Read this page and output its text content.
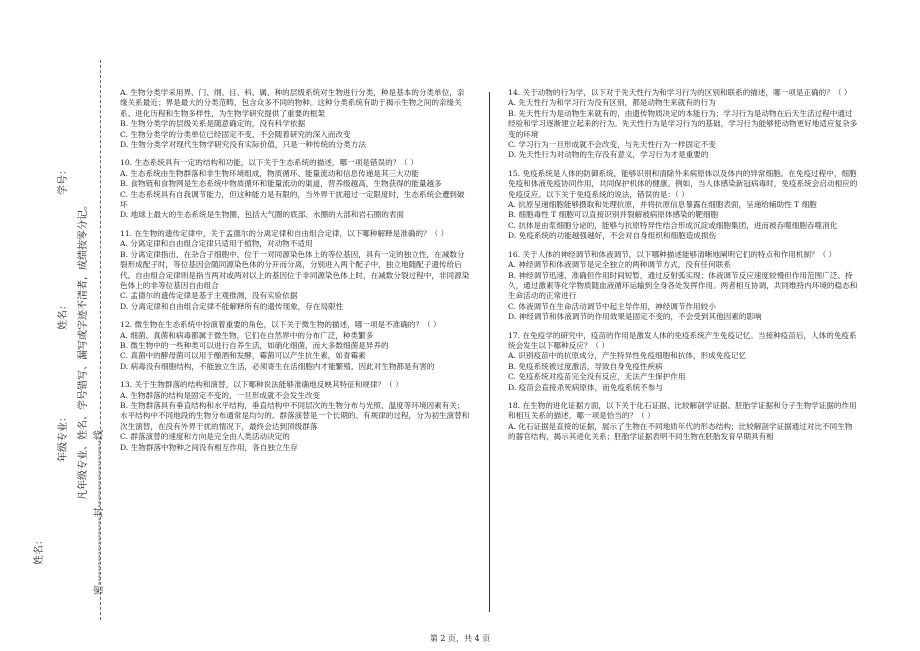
姓名：
年级专业：
姓名：
学号：
凡年级专业、姓名、学号错写、漏写或字迹不清者，成绩按零分记。
密--------------------封--------------------线

A. 生物分类学采用界、门、纲、目、科、属、种的层级系统对生物进行分类，种是基本的分类单位，亲缘关系最近；界是最大的分类范畴，包含众多不同的物种。这种分类系统有助于揭示生物之间的亲缘关系、进化历程和生物多样性，为生物学研究提供了重要的框架

B. 生物分类学的层级关系是随意确定的，没有科学依据

C. 生物分类学的分类单位已经固定不变，不会随着研究的深入而改变

D. 生物分类学对现代生物学研究没有实际价值，只是一种传统的分类方法

10. 生态系统具有一定的结构和功能，以下关于生态系统的描述，哪一项是错误的？（ ）

A. 生态系统由生物群落和非生物环境组成，物质循环、能量流动和信息传递是其三大功能

B. 食物链和食物网是生态系统中物质循环和能量流动的渠道，营养级越高，生物获得的能量越多

C. 生态系统具有自我调节能力，但这种能力是有限的，当外界干扰超过一定限度时，生态系统会遭到破坏

D. 地球上最大的生态系统是生物圈，包括大气圈的底部、水圈的大部和岩石圈的表面

11. 在生物的遗传定律中，关于孟德尔的分离定律和自由组合定律，以下哪种解释是准确的？（ ）

A. 分离定律和自由组合定律只适用于植物，对动物不适用

B. 分离定律指出，在杂合子细胞中，位于一对同源染色体上的等位基因，具有一定的独立性，在减数分裂形成配子时，等位基因会随同源染色体的分开而分离，分别进入两个配子中，独立地随配子遗传给后代。自由组合定律则是指当两对或两对以上的基因位于非同源染色体上时，在减数分裂过程中，非同源染色体上的非等位基因自由组合

C. 孟德尔的遗传定律是基于主观推测，没有实验依据

D. 分离定律和自由组合定律不能解释所有的遗传现象，存在局限性

12. 微生物在生态系统中扮演着重要的角色，以下关于微生物的描述，哪一项是不准确的？（ ）

A. 细菌、真菌和病毒都属于微生物，它们在自然界中的分布广泛，种类繁多

B. 微生物中的一些种类可以进行自养生活，如硝化细菌，而大多数细菌是异养的

C. 真菌中的酵母菌可以用于酿酒和发酵，霉菌可以产生抗生素，如青霉素

D. 病毒没有细胞结构，不能独立生活，必须寄生在活细胞内才能繁殖，因此对生物都是有害的

13. 关于生物群落的结构和演替，以下哪种说法能够准确地反映其特征和规律？（ ）

A. 生物群落的结构是固定不变的，一旦形成就不会发生改变

B. 生物群落具有垂直结构和水平结构，垂直结构中不同层次的生物分布与光照、温度等环境因素有关；水平结构中不同地段的生物分布通常是均匀的。群落演替是一个长期的、有规律的过程，分为初生演替和次生演替，在没有外界干扰的情况下，最终会达到顶级群落

C. 群落演替的速度和方向是完全由人类活动决定的

D. 生物群落中物种之间没有相互作用，各自独立生存

14. 关于动物的行为学，以下对于先天性行为和学习行为的区别和联系的描述，哪一项是正确的？（ ）

A. 先天性行为和学习行为没有区别，都是动物生来就有的行为

B. 先天性行为是动物生来就有的，由遗传物质决定的本能行为；学习行为是动物在后天生活过程中通过经验和学习逐渐建立起来的行为。先天性行为是学习行为的基础，学习行为能够使动物更好地适应复杂多变的环境

C. 学习行为一旦形成就不会改变，与先天性行为一样固定不变

D. 先天性行为对动物的生存没有意义，学习行为才是重要的

15. 免疫系统是人体的防御系统，能够识别和清除外来病原体以及体内的异常细胞。在免疫过程中，细胞免疫和体液免疫协同作用，共同保护机体的健康。例如，当人体感染新冠病毒时，免疫系统会启动相应的免疫反应。以下关于免疫系统的说法，错误的是：（ ）

A. 抗原呈递细胞能够摄取和处理抗原，并将抗原信息暴露在细胞表面，呈递给辅助性 T 细胞

B. 细胞毒性 T 细胞可以直接识别并裂解被病原体感染的靶细胞

C. 抗体是由浆细胞分泌的，能够与抗原特异性结合形成沉淀或细胞集团，进而被吞噬细胞吞噬消化

D. 免疫系统的功能越强越好，不会对自身组织和细胞造成损伤

16. 关于人体的神经调节和体液调节，以下哪种描述能够清晰地阐明它们的特点和作用机制？（ ）

A. 神经调节和体液调节是完全独立的两种调节方式，没有任何联系

B. 神经调节迅速、准确但作用时间短暂，通过反射弧实现；体液调节反应速度较慢但作用范围广泛、持久，通过激素等化学物质随血液循环运输到全身各处发挥作用。两者相互协调，共同维持内环境的稳态和生命活动的正常进行

C. 体液调节在生命活动调节中起主导作用，神经调节作用较小

D. 神经调节和体液调节的作用效果是固定不变的，不会受到其他因素的影响

17. 在免疫学的研究中，疫苗的作用是激发人体的免疫系统产生免疫记忆。当接种疫苗后，人体的免疫系统会发生以下哪种反应？（ ）

A. 识别疫苗中的抗原成分，产生特异性免疫细胞和抗体，形成免疫记忆

B. 免疫系统被过度激活，导致自身免疫性疾病

C. 免疫系统对疫苗完全没有反应，无法产生保护作用

D. 疫苗会直接杀死病原体，而免疫系统不参与

18. 在生物的进化证据方面，以下关于化石证据、比较解剖学证据、胚胎学证据和分子生物学证据的作用和相互关系的描述，哪一项是恰当的？（ ）

A. 化石证据是直接的证据，展示了生物在不同地质年代的形态结构；比较解剖学证据通过对比不同生物的器官结构，揭示其进化关系；胚胎学证据表明不同生物在胚胎发育早期具有相

第 2 页，共 4 页
